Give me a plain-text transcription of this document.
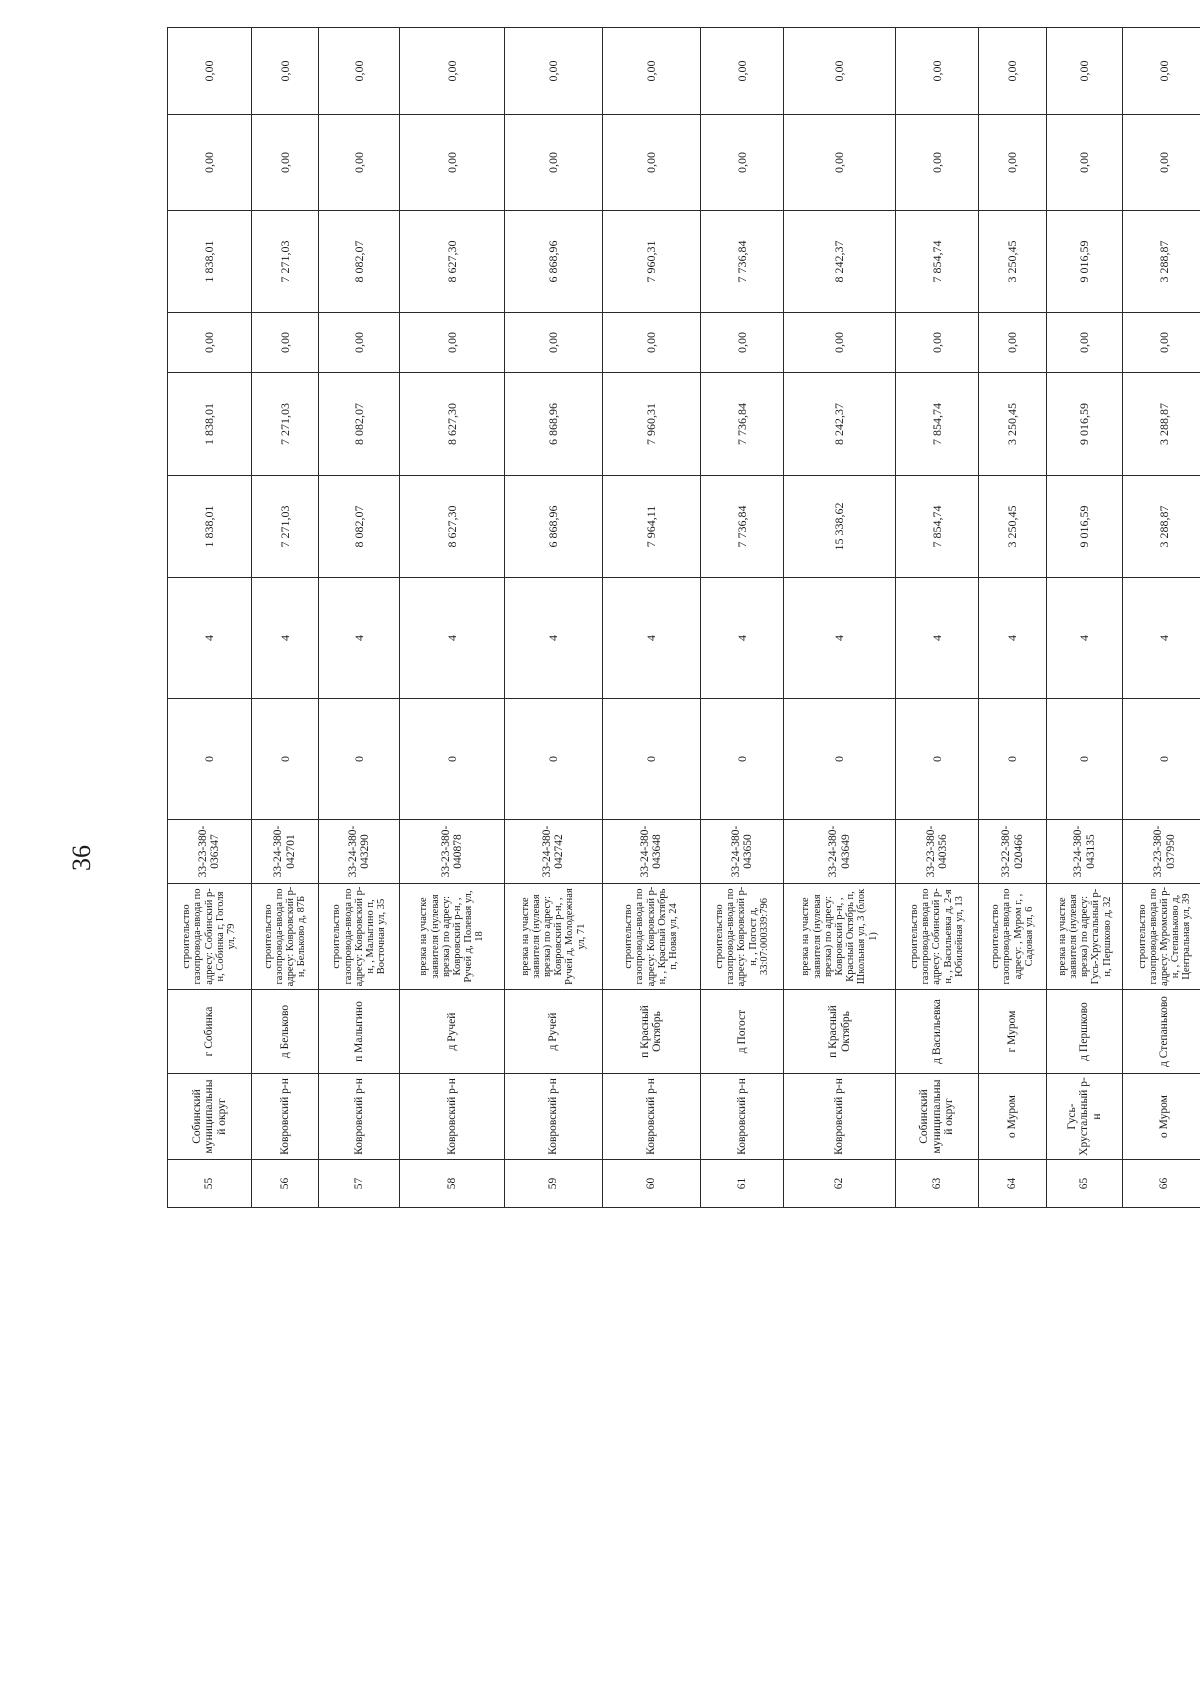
36
55	Собинский муниципальный округ	г Собинка	строительство газопровода-ввода по адресу: Собинский р-н, Собинка г, Гоголя ул, 79	33-23-380-036347	0	4	1 838,01	1 838,01	0,00	1 838,01	0,00	0,00
56	Ковровский р-н	д Бельково	строительство газопровода-ввода по адресу: Ковровский р-н, Бельково д, 87Б	33-24-380-042701	0	4	7 271,03	7 271,03	0,00	7 271,03	0,00	0,00
57	Ковровский р-н	п Малыгино	строительство газопровода-ввода по адресу: Ковровский р-н, , Малыгино п, Восточная ул, 35	33-24-380-043290	0	4	8 082,07	8 082,07	0,00	8 082,07	0,00	0,00
58	Ковровский р-н	д Ручей	врезка на участке заявителя (нулевая врезка) по адресу: Ковровский р-н, , Ручей д, Полевая ул, 18	33-23-380-040878	0	4	8 627,30	8 627,30	0,00	8 627,30	0,00	0,00
59	Ковровский р-н	д Ручей	врезка на участке заявителя (нулевая врезка) по адресу: Ковровский р-н, , Ручей д, Молодежная ул, 71	33-24-380-042742	0	4	6 868,96	6 868,96	0,00	6 868,96	0,00	0,00
60	Ковровский р-н	п Красный Октябрь	строительство газопровода-ввода по адресу: Ковровский р-н, , Красный Октябрь п, Новая ул, 24	33-24-380-043648	0	4	7 964,11	7 960,31	0,00	7 960,31	0,00	0,00
61	Ковровский р-н	д Погост	строительство газопровода-ввода по адресу: Ковровский р-н, , Погост д, 33:07:000339:796	33-24-380-043650	0	4	7 736,84	7 736,84	0,00	7 736,84	0,00	0,00
62	Ковровский р-н	п Красный Октябрь	врезка на участке заявителя (нулевая врезка) по адресу: Ковровский р-н, , Красный Октябрь п, Школьная ул, 3 (блок 1)	33-24-380-043649	0	4	15 338,62	8 242,37	0,00	8 242,37	0,00	0,00
63	Собинский муниципальный округ	д Васильевка	строительство газопровода-ввода по адресу: Собинский р-н, , Васильевка д, 2-я Юбилейная ул, 13	33-23-380-040356	0	4	7 854,74	7 854,74	0,00	7 854,74	0,00	0,00
64	о Муром	г Муром	строительство газопровода-ввода по адресу: , Муром г, , Садовая ул, 6	33-22-380-020466	0	4	3 250,45	3 250,45	0,00	3 250,45	0,00	0,00
65	Гусь-Хрустальный р-н	д Першково	врезка на участке заявителя (нулевая врезка) по адресу: Гусь-Хрустальный р-н, Першково д, 32	33-24-380-043135	0	4	9 016,59	9 016,59	0,00	9 016,59	0,00	0,00
66	о Муром	д Степаньково	строительство газопровода-ввода по адресу: Муромский р-н, , Степаньково д, Центральная ул, 39	33-23-380-037950	0	4	3 288,87	3 288,87	0,00	3 288,87	0,00	0,00
